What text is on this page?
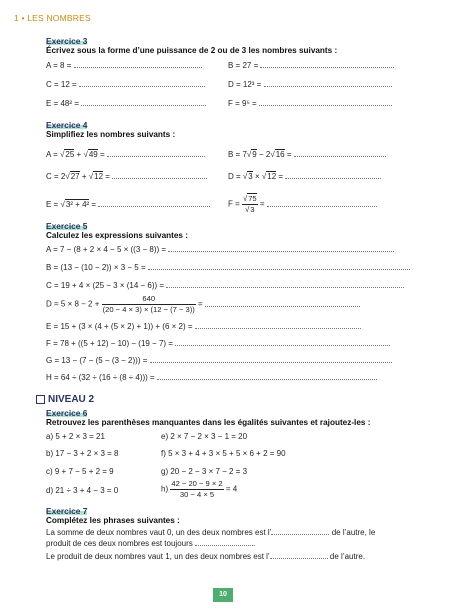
1 • LES NOMBRES
Exercice 3
Écrivez sous la forme d’une puissance de 2 ou de 3 les nombres suivants :
A = 8 =	B = 27 =
C = 12 =	D = 12³ =
E = 48² =	F = 9⁵ =
Exercice 4
Simplifiez les nombres suivants :
A = √25 + √49 =	B = 7√9 − 2√16 =
C = 2√27 + √12 =	D = √3 × √12 =
E = √3² + 4² =	$F = \frac{√75}{√3}$ =
Exercice 5
Calculez les expressions suivantes :
A = 7 − (8 + 2 × 4 − 5 × ((3 − 8)) =
B = (13 − (10 − 2)) × 3 − 5 =
C = 19 + 4 × (25 − 3 × (14 − 6)) =
$D = 5 \times 8 - 2 + \frac{640}{(20 - 4 \times 3) \times (12 - (7 - 3))}$ =
E = 15 + (3 × (4 + (5 × 2) + 1)) + (6 × 2) =
F = 78 + ((5 + 12) − 10) − (19 − 7) =
G = 13 − (7 − (5 − (3 − 2))) =
H = 64 ÷ (32 ÷ (16 ÷ (8 ÷ 4))) =
NIVEAU 2
Exercice 6
Retrouvez les parenthèses manquantes dans les égalités suivantes et rajoutez-les :
a) 5 + 2 × 3 = 21	e) 2 × 7 − 2 × 3 − 1 = 20
b) 17 − 3 + 2 × 3 = 8	f) 5 × 3 + 4 + 3 × 5 + 5 × 6 + 2 = 90
c) 9 + 7 − 5 + 2 = 9	g) 20 − 2 − 3 × 7 − 2 = 3
d) 21 ÷ 3 + 4 − 3 = 0	$h) \frac{42 - 20 - 9 \times 2}{30 - 4 \times 5} = 4$
Exercice 7
Complétez les phrases suivantes :
La somme de deux nombres vaut 0, un des deux nombres est l’	de l’autre, le
produit de ces deux nombres est toujours	.
Le produit de deux nombres vaut 1, un des deux nombres est l’	de l’autre.
10
